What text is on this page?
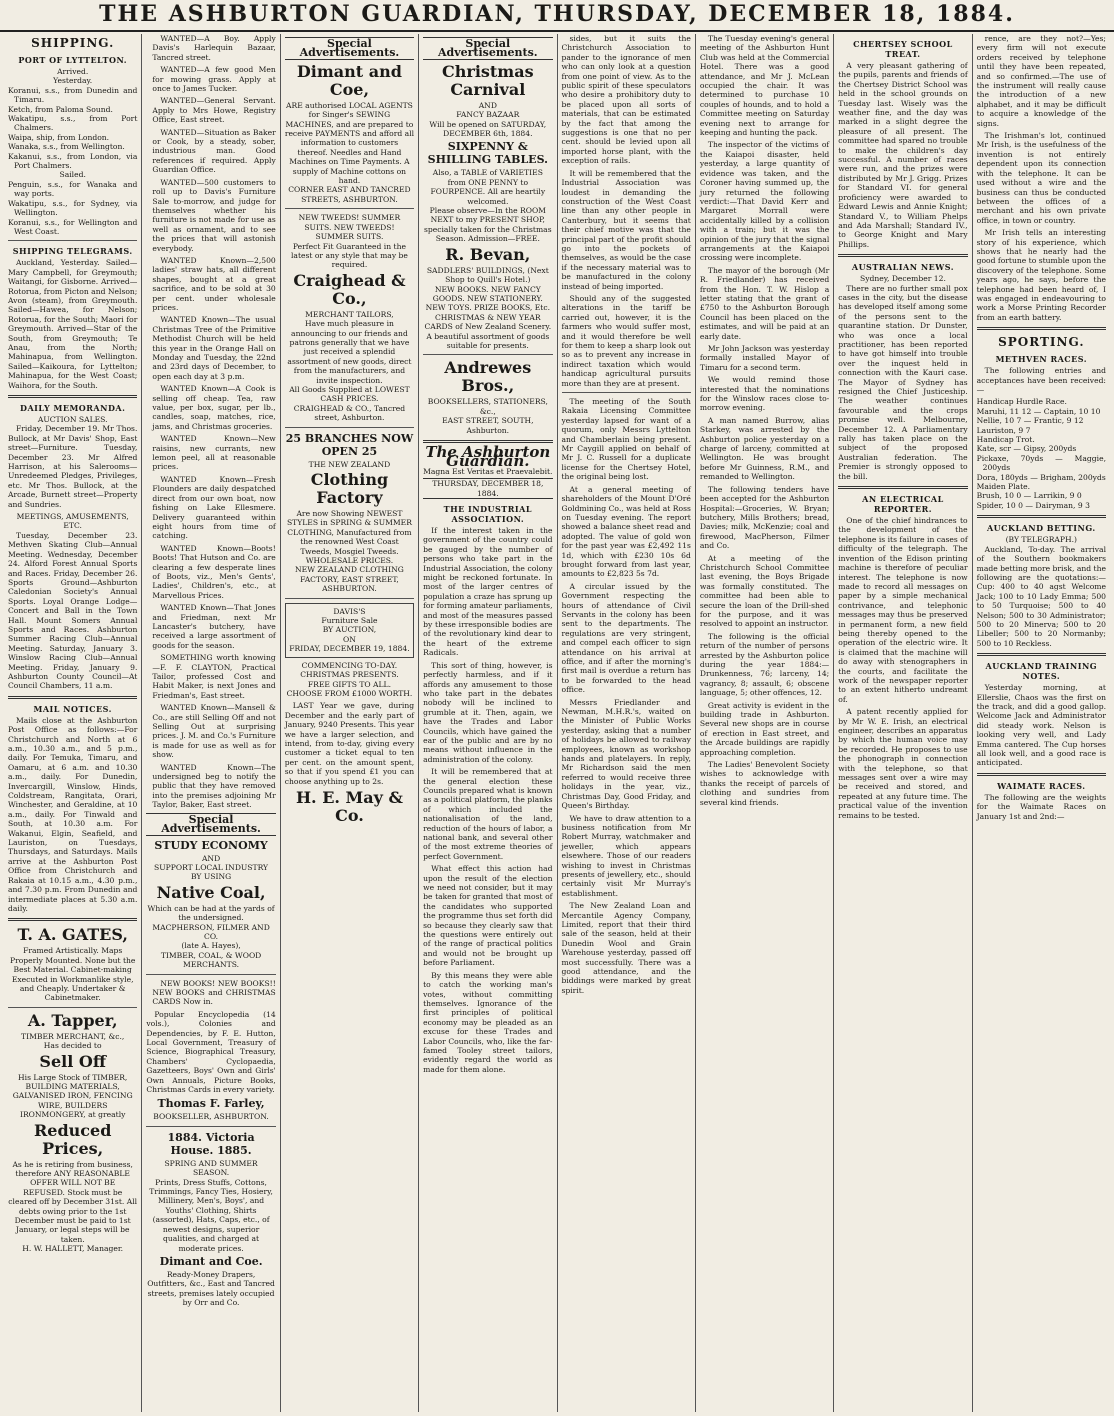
THE ASHBURTON GUARDIAN, THURSDAY, DECEMBER 18, 1884.
SHIPPING.
PORT OF LYTTELTON.
Arrived.
Yesterday.
Koranui, s.s., from Dunedin and Timaru.
Ketch, from Paloma Sound.
Wakatipu, s.s., from Port Chalmers.
Waipa, ship, from London.
Wanaka, s.s., from Wellington.
Kakanui, s.s., from London, via Port Chalmers.
Sailed.
Penguin, s.s., for Wanaka and way ports.
Wakatipu, s.s., for Sydney, via Wellington.
Koranui, s.s., for Wellington and West Coast.
SHIPPING TELEGRAMS.

Auckland, Yesterday. Sailed—Mary Campbell, for Greymouth; Waitangi, for Gisborne. Arrived—Rotorua, from Picton and Nelson; Avon (steam), from Greymouth. Sailed—Hawea, for Nelson; Rotorua, for the South; Maori for Greymouth. Arrived—Star of the South, from Greymouth; Te Anau, from the North; Mahinapua, from Wellington. Sailed—Kaikoura, for Lyttelton; Mahinapua, for the West Coast; Waihora, for the South.

DAILY MEMORANDA.
AUCTION SALES.

Friday, December 19. Mr Thos. Bullock, at Mr Davis' Shop, East street—Furniture. Tuesday, December 23. Mr Alfred Harrison, at his Salerooms—Unredeemed Pledges, Privileges, etc. Mr Thos. Bullock, at the Arcade, Burnett street—Property and Sundries.

MEETINGS, AMUSEMENTS, ETC.

Tuesday, December 23. Methven Skating Club—Annual Meeting. Wednesday, December 24. Alford Forest Annual Sports and Races. Friday, December 26. Sports Ground—Ashburton Caledonian Society's Annual Sports. Loyal Orange Lodge—Concert and Ball in the Town Hall. Mount Somers Annual Sports and Races. Ashburton Summer Racing Club—Annual Meeting. Saturday, January 3. Winslow Racing Club—Annual Meeting. Friday, January 9. Ashburton County Council—At Council Chambers, 11 a.m.

MAIL NOTICES.

Mails close at the Ashburton Post Office as follows:—For Christchurch and North at 6 a.m., 10.30 a.m., and 5 p.m., daily. For Temuka, Timaru, and Oamaru, at 6 a.m. and 10.30 a.m., daily. For Dunedin, Invercargill, Winslow, Hinds, Coldstream, Rangitata, Orari, Winchester, and Geraldine, at 10 a.m., daily. For Tinwald and South, at 10.30 a.m. For Wakanui, Elgin, Seafield, and Lauriston, on Tuesdays, Thursdays, and Saturdays. Mails arrive at the Ashburton Post Office from Christchurch and Rakaia at 10.15 a.m., 4.30 p.m., and 7.30 p.m. From Dunedin and intermediate places at 5.30 a.m. daily.

T. A. GATES,
Framed Artistically. Maps Properly Mounted. None but the Best Material. Cabinet-making Executed in Workmanlike style, and Cheaply. Undertaker & Cabinetmaker.
A. Tapper,
TIMBER MERCHANT, &c.,
Has decided to
Sell Off
His Large Stock of TIMBER, BUILDING MATERIALS, GALVANISED IRON, FENCING WIRE, BUILDERS IRONMONGERY, at greatly
Reduced Prices,
As he is retiring from business, therefore ANY REASONABLE OFFER WILL NOT BE REFUSED. Stock must be cleared off by December 31st. All debts owing prior to the 1st December must be paid to 1st January, or legal steps will be taken.
H. W. HALLETT, Manager.

WANTED—A Boy. Apply Davis's Harlequin Bazaar, Tancred street.

WANTED—A few good Men for mowing grass. Apply at once to James Tucker.

WANTED—General Servant. Apply to Mrs Howe, Registry Office, East street.

WANTED—Situation as Baker or Cook, by a steady, sober, industrious man. Good references if required. Apply Guardian Office.

WANTED—500 customers to roll up to Davis's Furniture Sale to-morrow, and judge for themselves whether his furniture is not made for use as well as ornament, and to see the prices that will astonish everybody.

WANTED Known—2,500 ladies' straw hats, all different shapes, bought at a great sacrifice, and to be sold at 30 per cent. under wholesale prices.

WANTED Known—The usual Christmas Tree of the Primitive Methodist Church will be held this year in the Orange Hall on Monday and Tuesday, the 22nd and 23rd days of December, to open each day at 3 p.m.

WANTED Known—A Cook is selling off cheap. Tea, raw value, per box, sugar, per lb., candles, soap, matches, rice, jams, and Christmas groceries.

WANTED Known—New raisins, new currants, new lemon peel, all at reasonable prices.

WANTED Known—Fresh Flounders are daily despatched direct from our own boat, now fishing on Lake Ellesmere. Delivery guaranteed within eight hours from time of catching.

WANTED Known—Boots! Boots! That Hutson and Co. are clearing a few desperate lines of Boots, viz., Men's Gents', Ladies', Children's, etc., at Marvellous Prices.

WANTED Known—That Jones and Friedman, next Mr Lancaster's butchery, have received a large assortment of goods for the season.

SOMETHING worth knowing—F. F. CLAYTON, Practical Tailor, professed Cost and Habit Maker, is next Jones and Friedman's, East street.

WANTED Known—Mansell & Co., are still Selling Off and not Selling Out at surprising prices. J. M. and Co.'s Furniture is made for use as well as for show.

WANTED Known—The undersigned beg to notify the public that they have removed into the premises adjoining Mr Taylor, Baker, East street.

Special Advertisements.
STUDY ECONOMY
AND
SUPPORT LOCAL INDUSTRY
BY USING
Native Coal,
Which can be had at the yards of the undersigned.
MACPHERSON, FILMER AND CO.
(late A. Hayes),
TIMBER, COAL, & WOOD MERCHANTS.

NEW BOOKS! NEW BOOKS!! NEW BOOKS and CHRISTMAS CARDS Now in.

Popular Encyclopedia (14 vols.), Colonies and Dependencies, by F. E. Hutton, Local Government, Treasury of Science, Biographical Treasury, Chambers' Cyclopaedia, Gazetteers, Boys' Own and Girls' Own Annuals, Picture Books, Christmas Cards in every variety.

Thomas F. Farley,
BOOKSELLER, ASHBURTON.
1884. Victoria House. 1885.
SPRING AND SUMMER SEASON.
Prints, Dress Stuffs, Cottons, Trimmings, Fancy Ties, Hosiery, Millinery, Men's, Boys', and Youths' Clothing, Shirts (assorted), Hats, Caps, etc., of newest designs, superior qualities, and charged at moderate prices.
Dimant and Coe.
Ready-Money Drapers, Outfitters, &c., East and Tancred streets, premises lately occupied by Orr and Co.
Special Advertisements.
Dimant and Coe,
ARE authorised LOCAL AGENTS for Singer's SEWING MACHINES, and are prepared to receive PAYMENTS and afford all information to customers thereof. Needles and Hand Machines on Time Payments. A supply of Machine cottons on hand.
CORNER EAST AND TANCRED STREETS, ASHBURTON.
NEW TWEEDS! SUMMER SUITS. NEW TWEEDS! SUMMER SUITS.
Perfect Fit Guaranteed in the latest or any style that may be required.
Craighead & Co.,
MERCHANT TAILORS,
Have much pleasure in announcing to our friends and patrons generally that we have just received a splendid assortment of new goods, direct from the manufacturers, and invite inspection.
All Goods Supplied at LOWEST CASH PRICES.
CRAIGHEAD & CO., Tancred street, Ashburton.
25 BRANCHES NOW OPEN 25
THE NEW ZEALAND
Clothing Factory
Are now Showing NEWEST STYLES in SPRING & SUMMER CLOTHING, Manufactured from the renowned West Coast Tweeds, Mosgiel Tweeds.
WHOLESALE PRICES.
NEW ZEALAND CLOTHING FACTORY, EAST STREET, ASHBURTON.
DAVIS'S
Furniture Sale
BY AUCTION,
ON
FRIDAY, DECEMBER 19, 1884.
COMMENCING TO-DAY.
CHRISTMAS PRESENTS.
FREE GIFTS TO ALL.
CHOOSE FROM £1000 WORTH.

LAST Year we gave, during December and the early part of January, 9240 Presents. This year we have a larger selection, and intend, from to-day, giving every customer a ticket equal to ten per cent. on the amount spent, so that if you spend £1 you can choose anything up to 2s.

H. E. May & Co.
Special Advertisements.
Christmas Carnival
AND
FANCY BAZAAR
Will be opened on SATURDAY, DECEMBER 6th, 1884.
SIXPENNY & SHILLING TABLES.
Also, a TABLE of VARIETIES from ONE PENNY to FOURPENCE. All are heartily welcomed.
Please observe—In the ROOM NEXT to my PRESENT SHOP, specially taken for the Christmas Season. Admission—FREE.
R. Bevan,
SADDLERS' BUILDINGS, (Next Shop to Quill's Hotel.)
NEW BOOKS. NEW FANCY GOODS. NEW STATIONERY. NEW TOYS. PRIZE BOOKS, Etc.
CHRISTMAS & NEW YEAR CARDS of New Zealand Scenery.
A beautiful assortment of goods suitable for presents.
Andrewes Bros.,
BOOKSELLERS, STATIONERS, &c.,
EAST STREET, SOUTH, Ashburton.
The Ashburton Guardian.
Magna Est Veritas et Praevalebit.
THURSDAY, DECEMBER 18, 1884.
THE INDUSTRIAL ASSOCIATION.

If the interest taken in the government of the country could be gauged by the number of persons who take part in the Industrial Association, the colony might be reckoned fortunate. In most of the larger centres of population a craze has sprung up for forming amateur parliaments, and most of the measures passed by these irresponsible bodies are of the revolutionary kind dear to the heart of the extreme Radicals.

This sort of thing, however, is perfectly harmless, and if it affords any amusement to those who take part in the debates nobody will be inclined to grumble at it. Then, again, we have the Trades and Labor Councils, which have gained the ear of the public and are by no means without influence in the administration of the colony.

It will be remembered that at the general election these Councils prepared what is known as a political platform, the planks of which included the nationalisation of the land, reduction of the hours of labor, a national bank, and several other of the most extreme theories of perfect Government.

What effect this action had upon the result of the election we need not consider, but it may be taken for granted that most of the candidates who supported the programme thus set forth did so because they clearly saw that the questions were entirely out of the range of practical politics and would not be brought up before Parliament.

By this means they were able to catch the working man's votes, without committing themselves. Ignorance of the first principles of political economy may be pleaded as an excuse for these Trades and Labor Councils, who, like the far-famed Tooley street tailors, evidently regard the world as made for them alone.

sides, but it suits the Christchurch Association to pander to the ignorance of men who can only look at a question from one point of view. As to the public spirit of these speculators who desire a prohibitory duty to be placed upon all sorts of materials, that can be estimated by the fact that among the suggestions is one that no per cent. should be levied upon all imported horse plant, with the exception of rails.

It will be remembered that the Industrial Association was loudest in demanding the construction of the West Coast line than any other people in Canterbury, but it seems that their chief motive was that the principal part of the profit should go into the pockets of themselves, as would be the case if the necessary material was to be manufactured in the colony instead of being imported.

Should any of the suggested alterations in the tariff be carried out, however, it is the farmers who would suffer most, and it would therefore be well for them to keep a sharp look out so as to prevent any increase in indirect taxation which would handicap agricultural pursuits more than they are at present.

The meeting of the South Rakaia Licensing Committee yesterday lapsed for want of a quorum, only Messrs Lyttelton and Chamberlain being present. Mr Caygill applied on behalf of Mr J. C. Russell for a duplicate license for the Chertsey Hotel, the original being lost.

At a general meeting of shareholders of the Mount D'Oré Goldmining Co., was held at Ross on Tuesday evening. The report showed a balance sheet read and adopted. The value of gold won for the past year was £2,492 11s 1d, which with £230 10s 6d brought forward from last year, amounts to £2,823 5s 7d.

A circular issued by the Government respecting the hours of attendance of Civil Servants in the colony has been sent to the departments. The regulations are very stringent, and compel each officer to sign attendance on his arrival at office, and if after the morning's first mail is overdue a return has to be forwarded to the head office.

Messrs Friedlander and Newman, M.H.R.'s, waited on the Minister of Public Works yesterday, asking that a number of holidays be allowed to railway employees, known as workshop hands and platelayers. In reply, Mr Richardson said the men referred to would receive three holidays in the year, viz., Christmas Day, Good Friday, and Queen's Birthday.

We have to draw attention to a business notification from Mr Robert Murray, watchmaker and jeweller, which appears elsewhere. Those of our readers wishing to invest in Christmas presents of jewellery, etc., should certainly visit Mr Murray's establishment.

The New Zealand Loan and Mercantile Agency Company, Limited, report that their third sale of the season, held at their Dunedin Wool and Grain Warehouse yesterday, passed off most successfully. There was a good attendance, and the biddings were marked by great spirit.

The Tuesday evening's general meeting of the Ashburton Hunt Club was held at the Commercial Hotel. There was a good attendance, and Mr J. McLean occupied the chair. It was determined to purchase 10 couples of hounds, and to hold a Committee meeting on Saturday evening next to arrange for keeping and hunting the pack.

The inspector of the victims of the Kaiapoi disaster, held yesterday, a large quantity of evidence was taken, and the Coroner having summed up, the jury returned the following verdict:—That David Kerr and Margaret Morrall were accidentally killed by a collision with a train; but it was the opinion of the jury that the signal arrangements at the Kaiapoi crossing were incomplete.

The mayor of the borough (Mr R. Friedlander) has received from the Hon. T. W. Hislop a letter stating that the grant of £750 to the Ashburton Borough Council has been placed on the estimates, and will be paid at an early date.

Mr John Jackson was yesterday formally installed Mayor of Timaru for a second term.

We would remind those interested that the nominations for the Winslow races close to-morrow evening.

A man named Burrow, alias Starkey, was arrested by the Ashburton police yesterday on a charge of larceny, committed at Wellington. He was brought before Mr Guinness, R.M., and remanded to Wellington.

The following tenders have been accepted for the Ashburton Hospital:—Groceries, W. Bryan; butchery, Mills Brothers; bread, Davies; milk, McKenzie; coal and firewood, MacPherson, Filmer and Co.

At a meeting of the Christchurch School Committee last evening, the Boys Brigade was formally constituted. The committee had been able to secure the loan of the Drill-shed for the purpose, and it was resolved to appoint an instructor.

The following is the official return of the number of persons arrested by the Ashburton police during the year 1884:—Drunkenness, 76; larceny, 14; vagrancy, 8; assault, 6; obscene language, 5; other offences, 12.

Great activity is evident in the building trade in Ashburton. Several new shops are in course of erection in East street, and the Arcade buildings are rapidly approaching completion.

The Ladies' Benevolent Society wishes to acknowledge with thanks the receipt of parcels of clothing and sundries from several kind friends.

CHERTSEY SCHOOL TREAT.

A very pleasant gathering of the pupils, parents and friends of the Chertsey District School was held in the school grounds on Tuesday last. Wisely was the weather fine, and the day was marked in a slight degree the pleasure of all present. The committee had spared no trouble to make the children's day successful. A number of races were run, and the prizes were distributed by Mr J. Grigg. Prizes for Standard VI. for general proficiency were awarded to Edward Lewis and Annie Knight; Standard V., to William Phelps and Ada Marshall; Standard IV., to George Knight and Mary Phillips.

AUSTRALIAN NEWS.
Sydney, December 12.

There are no further small pox cases in the city, but the disease has developed itself among some of the persons sent to the quarantine station. Dr Dunster, who was once a local practitioner, has been reported to have got himself into trouble over the inquest held in connection with the Kauri case. The Mayor of Sydney has resigned the Chief Justiceship. The weather continues favourable and the crops promise well. Melbourne, December 12. A Parliamentary rally has taken place on the subject of the proposed Australian federation. The Premier is strongly opposed to the bill.

AN ELECTRICAL REPORTER.

One of the chief hindrances to the development of the telephone is its failure in cases of difficulty of the telegraph. The invention of the Edison printing machine is therefore of peculiar interest. The telephone is now made to record all messages on paper by a simple mechanical contrivance, and telephonic messages may thus be preserved in permanent form, a new field being thereby opened to the operation of the electric wire. It is claimed that the machine will do away with stenographers in the courts, and facilitate the work of the newspaper reporter to an extent hitherto undreamt of.

A patent recently applied for by Mr W. E. Irish, an electrical engineer, describes an apparatus by which the human voice may be recorded. He proposes to use the phonograph in connection with the telephone, so that messages sent over a wire may be received and stored, and repeated at any future time. The practical value of the invention remains to be tested.

rence, are they not?—Yes; every firm will not execute orders received by telephone until they have been repeated, and so confirmed.—The use of the instrument will really cause the introduction of a new alphabet, and it may be difficult to acquire a knowledge of the signs.

The Irishman's lot, continued Mr Irish, is the usefulness of the invention is not entirely dependent upon its connection with the telephone. It can be used without a wire and the business can thus be conducted between the offices of a merchant and his own private office, in town or country.

Mr Irish tells an interesting story of his experience, which shows that he nearly had the good fortune to stumble upon the discovery of the telephone. Some years ago, he says, before the telephone had been heard of, I was engaged in endeavouring to work a Morse Printing Recorder from an earth battery.

SPORTING.
METHVEN RACES.

The following entries and acceptances have been received:—

Handicap Hurdle Race.
Maruhi, 11 12 — Captain, 10 10
Nellie, 10 7 — Frantic, 9 12
Lauriston, 9 7
Handicap Trot.
Kate, scr — Gipsy, 200yds
Pickaxe, 70yds — Maggie, 200yds
Dora, 180yds — Brigham, 200yds
Maiden Plate.
Brush, 10 0 — Larrikin, 9 0
Spider, 10 0 — Dairyman, 9 3
AUCKLAND BETTING.
(BY TELEGRAPH.)

Auckland, To-day. The arrival of the Southern bookmakers made betting more brisk, and the following are the quotations:—Cup: 400 to 40 agst Welcome Jack; 100 to 10 Lady Emma; 500 to 50 Turquoise; 500 to 40 Nelson; 500 to 30 Administrator; 500 to 20 Minerva; 500 to 20 Libeller; 500 to 20 Normanby; 500 to 10 Reckless.

AUCKLAND TRAINING NOTES.

Yesterday morning, at Ellerslie, Chaos was the first on the track, and did a good gallop. Welcome Jack and Administrator did steady work. Nelson is looking very well, and Lady Emma cantered. The Cup horses all look well, and a good race is anticipated.

WAIMATE RACES.

The following are the weights for the Waimate Races on January 1st and 2nd:—
